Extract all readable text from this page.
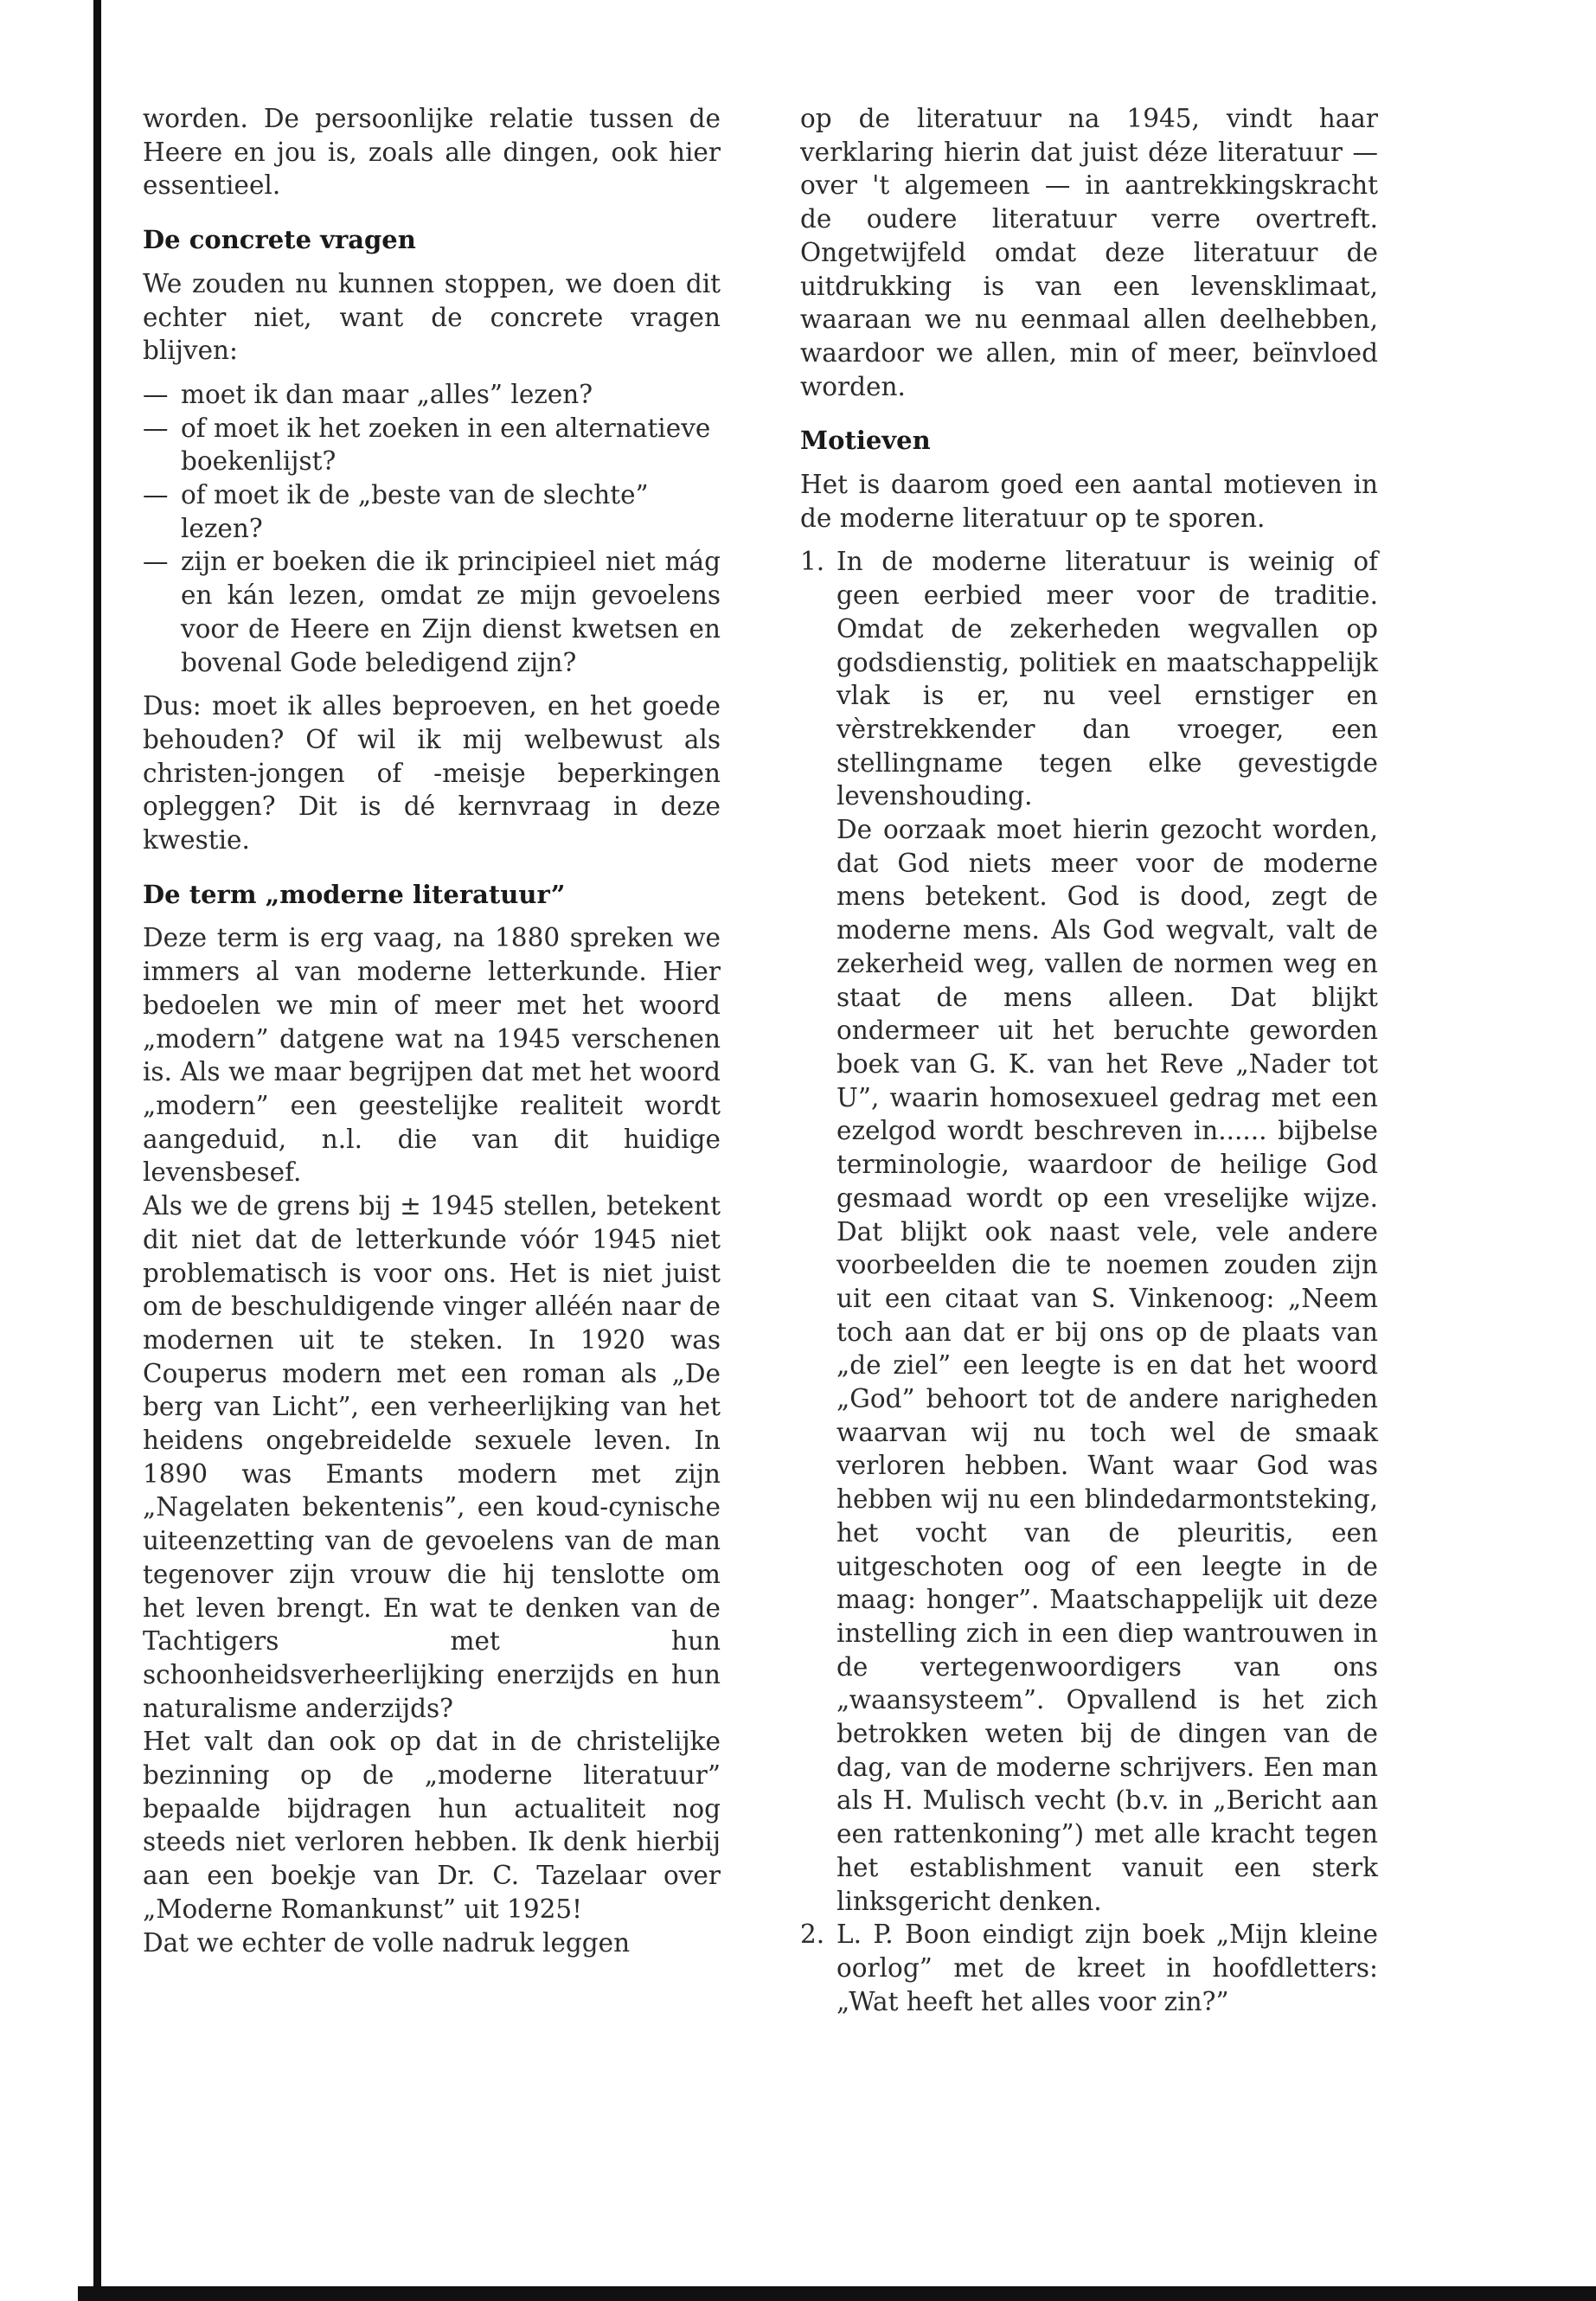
worden. De persoonlijke relatie tussen de Heere en jou is, zoals alle dingen, ook hier essentieel.

De concrete vragen

We zouden nu kunnen stoppen, we doen dit echter niet, want de concrete vragen blijven:

— moet ik dan maar „alles” lezen?
— of moet ik het zoeken in een alternatieve boekenlijst?
— of moet ik de „beste van de slechte” lezen?
— zijn er boeken die ik principieel niet mág en kán lezen, omdat ze mijn gevoelens voor de Heere en Zijn dienst kwetsen en bovenal Gode beledigend zijn?

Dus: moet ik alles beproeven, en het goede behouden? Of wil ik mij welbewust als christen-jongen of -meisje beperkingen opleggen? Dit is dé kernvraag in deze kwestie.

De term „moderne literatuur”

Deze term is erg vaag, na 1880 spreken we immers al van moderne letterkunde. Hier bedoelen we min of meer met het woord „modern” datgene wat na 1945 verschenen is. Als we maar begrijpen dat met het woord „modern” een geestelijke realiteit wordt aangeduid, n.l. die van dit huidige levensbesef.

Als we de grens bij ± 1945 stellen, betekent dit niet dat de letterkunde vóór 1945 niet problematisch is voor ons. Het is niet juist om de beschuldigende vinger alléén naar de modernen uit te steken. In 1920 was Couperus modern met een roman als „De berg van Licht”, een verheerlijking van het heidens ongebreidelde sexuele leven. In 1890 was Emants modern met zijn „Nagelaten bekentenis”, een koud-cynische uiteenzetting van de gevoelens van de man tegenover zijn vrouw die hij tenslotte om het leven brengt. En wat te denken van de Tachtigers met hun schoonheidsverheerlijking enerzijds en hun naturalisme anderzijds?

Het valt dan ook op dat in de christelijke bezinning op de „moderne literatuur” bepaalde bijdragen hun actualiteit nog steeds niet verloren hebben. Ik denk hierbij aan een boekje van Dr. C. Tazelaar over „Moderne Romankunst” uit 1925!

Dat we echter de volle nadruk leggen

op de literatuur na 1945, vindt haar verklaring hierin dat juist déze literatuur — over 't algemeen — in aantrekkingskracht de oudere literatuur verre overtreft. Ongetwijfeld omdat deze literatuur de uitdrukking is van een levensklimaat, waaraan we nu eenmaal allen deelhebben, waardoor we allen, min of meer, beïnvloed worden.

Motieven

Het is daarom goed een aantal motieven in de moderne literatuur op te sporen.

1. In de moderne literatuur is weinig of geen eerbied meer voor de traditie. Omdat de zekerheden wegvallen op godsdienstig, politiek en maatschappelijk vlak is er, nu veel ernstiger en vèrstrekkender dan vroeger, een stellingname tegen elke gevestigde levenshouding.

De oorzaak moet hierin gezocht worden, dat God niets meer voor de moderne mens betekent. God is dood, zegt de moderne mens. Als God wegvalt, valt de zekerheid weg, vallen de normen weg en staat de mens alleen. Dat blijkt ondermeer uit het beruchte geworden boek van G. K. van het Reve „Nader tot U”, waarin homosexueel gedrag met een ezelgod wordt beschreven in...... bijbelse terminologie, waardoor de heilige God gesmaad wordt op een vreselijke wijze. Dat blijkt ook naast vele, vele andere voorbeelden die te noemen zouden zijn uit een citaat van S. Vinkenoog: „Neem toch aan dat er bij ons op de plaats van „de ziel” een leegte is en dat het woord „God” behoort tot de andere narigheden waarvan wij nu toch wel de smaak verloren hebben. Want waar God was hebben wij nu een blindedarmontsteking, het vocht van de pleuritis, een uitgeschoten oog of een leegte in de maag: honger”. Maatschappelijk uit deze instelling zich in een diep wantrouwen in de vertegenwoordigers van ons „waansysteem”. Opvallend is het zich betrokken weten bij de dingen van de dag, van de moderne schrijvers. Een man als H. Mulisch vecht (b.v. in „Bericht aan een rattenkoning”) met alle kracht tegen het establishment vanuit een sterk linksgericht denken.

2. L. P. Boon eindigt zijn boek „Mijn kleine oorlog” met de kreet in hoofdletters: „Wat heeft het alles voor zin?”
